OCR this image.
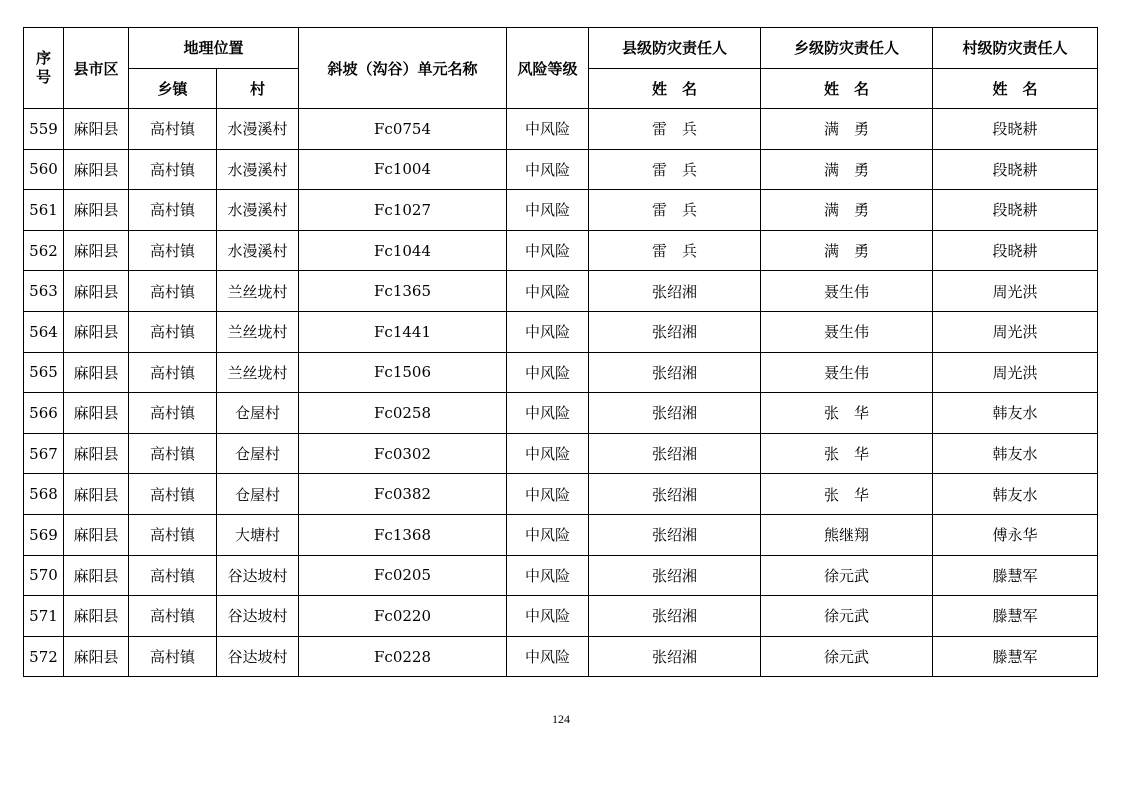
序
号	县市区	地理位置		斜坡（沟谷）单元名称	风险等级	县级防灾责任人	乡级防灾责任人	村级防灾责任人
		乡镇	村			姓　名	姓　名	姓　名
559	麻阳县	高村镇	水漫溪村	Fc0754	中风险	雷　兵	满　勇	段晓耕
560	麻阳县	高村镇	水漫溪村	Fc1004	中风险	雷　兵	满　勇	段晓耕
561	麻阳县	高村镇	水漫溪村	Fc1027	中风险	雷　兵	满　勇	段晓耕
562	麻阳县	高村镇	水漫溪村	Fc1044	中风险	雷　兵	满　勇	段晓耕
563	麻阳县	高村镇	兰丝垅村	Fc1365	中风险	张绍湘	聂生伟	周光洪
564	麻阳县	高村镇	兰丝垅村	Fc1441	中风险	张绍湘	聂生伟	周光洪
565	麻阳县	高村镇	兰丝垅村	Fc1506	中风险	张绍湘	聂生伟	周光洪
566	麻阳县	高村镇	仓屋村	Fc0258	中风险	张绍湘	张　华	韩友水
567	麻阳县	高村镇	仓屋村	Fc0302	中风险	张绍湘	张　华	韩友水
568	麻阳县	高村镇	仓屋村	Fc0382	中风险	张绍湘	张　华	韩友水
569	麻阳县	高村镇	大塘村	Fc1368	中风险	张绍湘	熊继翔	傅永华
570	麻阳县	高村镇	谷达坡村	Fc0205	中风险	张绍湘	徐元武	滕慧军
571	麻阳县	高村镇	谷达坡村	Fc0220	中风险	张绍湘	徐元武	滕慧军
572	麻阳县	高村镇	谷达坡村	Fc0228	中风险	张绍湘	徐元武	滕慧军
124
